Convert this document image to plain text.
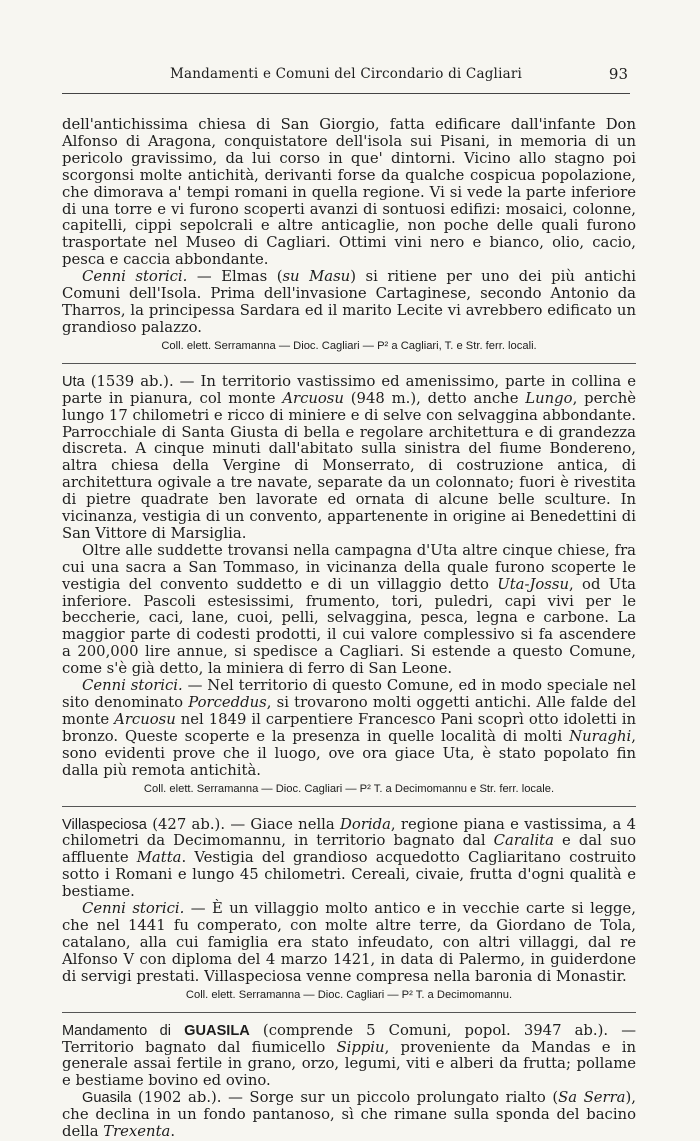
Mandamenti e Comuni del Circondario di Cagliari	93

dell'antichissima chiesa di San Giorgio, fatta edificare dall'infante Don Alfonso di Aragona, conquistatore dell'isola sui Pisani, in memoria di un pericolo gravissimo, da lui corso in que' dintorni. Vicino allo stagno poi scorgonsi molte antichità, derivanti forse da qualche cospicua popolazione, che dimorava a' tempi romani in quella regione. Vi si vede la parte inferiore di una torre e vi furono scoperti avanzi di sontuosi edifizi: mosaici, colonne, capitelli, cippi sepolcrali e altre anticaglie, non poche delle quali furono trasportate nel Museo di Cagliari. Ottimi vini nero e bianco, olio, cacio, pesca e caccia abbondante.

Cenni storici. — Elmas (su Masu) si ritiene per uno dei più antichi Comuni dell'Isola. Prima dell'invasione Cartaginese, secondo Antonio da Tharros, la principessa Sardara ed il marito Lecite vi avrebbero edificato un grandioso palazzo.

Coll. elett. Serramanna — Dioc. Cagliari — P² a Cagliari, T. e Str. ferr. locali.

Uta (1539 ab.). — In territorio vastissimo ed amenissimo, parte in collina e parte in pianura, col monte Arcuosu (948 m.), detto anche Lungo, perchè lungo 17 chilometri e ricco di miniere e di selve con selvaggina abbondante. Parrocchiale di Santa Giusta di bella e regolare architettura e di grandezza discreta. A cinque minuti dall'abitato sulla sinistra del fiume Bondereno, altra chiesa della Vergine di Monserrato, di costruzione antica, di architettura ogivale a tre navate, separate da un colonnato; fuori è rivestita di pietre quadrate ben lavorate ed ornata di alcune belle sculture. In vicinanza, vestigia di un convento, appartenente in origine ai Benedettini di San Vittore di Marsiglia.

Oltre alle suddette trovansi nella campagna d'Uta altre cinque chiese, fra cui una sacra a San Tommaso, in vicinanza della quale furono scoperte le vestigia del convento suddetto e di un villaggio detto Uta-Jossu, od Uta inferiore. Pascoli estesissimi, frumento, tori, puledri, capi vivi per le beccherie, caci, lane, cuoi, pelli, selvaggina, pesca, legna e carbone. La maggior parte di codesti prodotti, il cui valore complessivo si fa ascendere a 200,000 lire annue, si spedisce a Cagliari. Si estende a questo Comune, come s'è già detto, la miniera di ferro di San Leone.

Cenni storici. — Nel territorio di questo Comune, ed in modo speciale nel sito denominato Porceddus, si trovarono molti oggetti antichi. Alle falde del monte Arcuosu nel 1849 il carpentiere Francesco Pani scoprì otto idoletti in bronzo. Queste scoperte e la presenza in quelle località di molti Nuraghi, sono evidenti prove che il luogo, ove ora giace Uta, è stato popolato fin dalla più remota antichità.

Coll. elett. Serramanna — Dioc. Cagliari — P² T. a Decimomannu e Str. ferr. locale.

Villaspeciosa (427 ab.). — Giace nella Dorida, regione piana e vastissima, a 4 chilometri da Decimomannu, in territorio bagnato dal Caralita e dal suo affluente Matta. Vestigia del grandioso acquedotto Cagliaritano costruito sotto i Romani e lungo 45 chilometri. Cereali, civaie, frutta d'ogni qualità e bestiame.

Cenni storici. — È un villaggio molto antico e in vecchie carte si legge, che nel 1441 fu comperato, con molte altre terre, da Giordano de Tola, catalano, alla cui famiglia era stato infeudato, con altri villaggi, dal re Alfonso V con diploma del 4 marzo 1421, in data di Palermo, in guiderdone di servigi prestati. Villaspeciosa venne compresa nella baronia di Monastir.

Coll. elett. Serramanna — Dioc. Cagliari — P² T. a Decimomannu.

Mandamento di GUASILA (comprende 5 Comuni, popol. 3947 ab.). — Territorio bagnato dal fiumicello Sippiu, proveniente da Mandas e in generale assai fertile in grano, orzo, legumi, viti e alberi da frutta; pollame e bestiame bovino ed ovino.

Guasila (1902 ab.). — Sorge sur un piccolo prolungato rialto (Sa Serra), che declina in un fondo pantanoso, sì che rimane sulla sponda del bacino della Trexenta.
